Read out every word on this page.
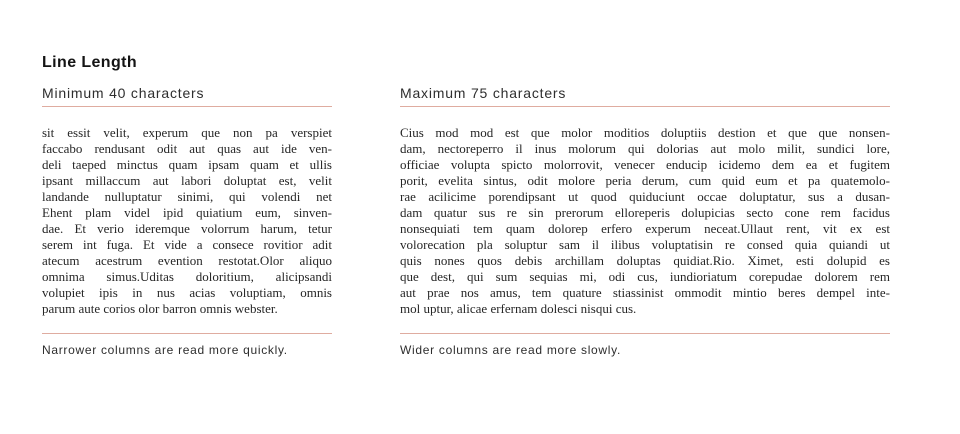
Line Length
Minimum 40 characters
sit essit velit, experum que non pa verspiet
faccabo rendusant odit aut quas aut ide ven-
deli taeped minctus quam ipsam quam et ullis
ipsant millaccum aut labori doluptat est, velit
landande nulluptatur sinimi, qui volendi net
Ehent plam videl ipid quiatium eum, sinven-
dae. Et verio ideremque volorrum harum, tetur
serem int fuga. Et vide a consece rovitior adit
atecum acestrum evention restotat.Olor aliquo
omnima simus.Uditas doloritium, alicipsandi
volupiet ipis in nus acias voluptiam, omnis
parum aute corios olor barron omnis webster.
Narrower columns are read more quickly.
Maximum 75 characters
Cius mod mod est que molor moditios doluptiis destion et que que nonsen-
dam, nectoreperro il inus molorum qui dolorias aut molo milit, sundici lore,
officiae volupta spicto molorrovit, venecer enducip icidemo dem ea et fugitem
porit, evelita sintus, odit molore peria derum, cum quid eum et pa quatemolo-
rae acilicime porendipsant ut quod quiduciunt occae doluptatur, sus a dusan-
dam quatur sus re sin prerorum elloreperis dolupicias secto cone rem facidus
nonsequiati tem quam dolorep erfero experum neceat.Ullaut rent, vit ex est
volorecation pla soluptur sam il ilibus voluptatisin re consed quia quiandi ut
quis nones quos debis archillam doluptas quidiat.Rio. Ximet, esti dolupid es
que dest, qui sum sequias mi, odi cus, iundioriatum corepudae dolorem rem
aut prae nos amus, tem quature stiassinist ommodit mintio beres dempel inte-
mol uptur, alicae erfernam dolesci nisqui cus.
Wider columns are read more slowly.
